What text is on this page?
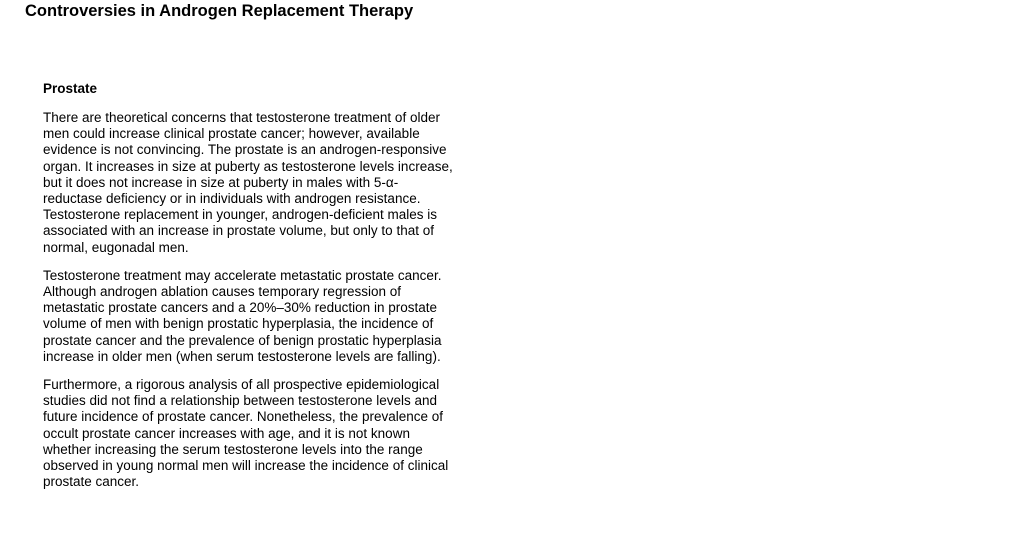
Controversies in Androgen Replacement Therapy
Prostate

There are theoretical concerns that testosterone treatment of older
men could increase clinical prostate cancer; however, available
evidence is not convincing. The prostate is an androgen-responsive
organ. It increases in size at puberty as testosterone levels increase,
but it does not increase in size at puberty in males with 5-α-
reductase deficiency or in individuals with androgen resistance.
Testosterone replacement in younger, androgen-deficient males is
associated with an increase in prostate volume, but only to that of
normal, eugonadal men.

Testosterone treatment may accelerate metastatic prostate cancer.
Although androgen ablation causes temporary regression of
metastatic prostate cancers and a 20%–30% reduction in prostate
volume of men with benign prostatic hyperplasia, the incidence of
prostate cancer and the prevalence of benign prostatic hyperplasia
increase in older men (when serum testosterone levels are falling).

Furthermore, a rigorous analysis of all prospective epidemiological
studies did not find a relationship between testosterone levels and
future incidence of prostate cancer. Nonetheless, the prevalence of
occult prostate cancer increases with age, and it is not known
whether increasing the serum testosterone levels into the range
observed in young normal men will increase the incidence of clinical
prostate cancer.
